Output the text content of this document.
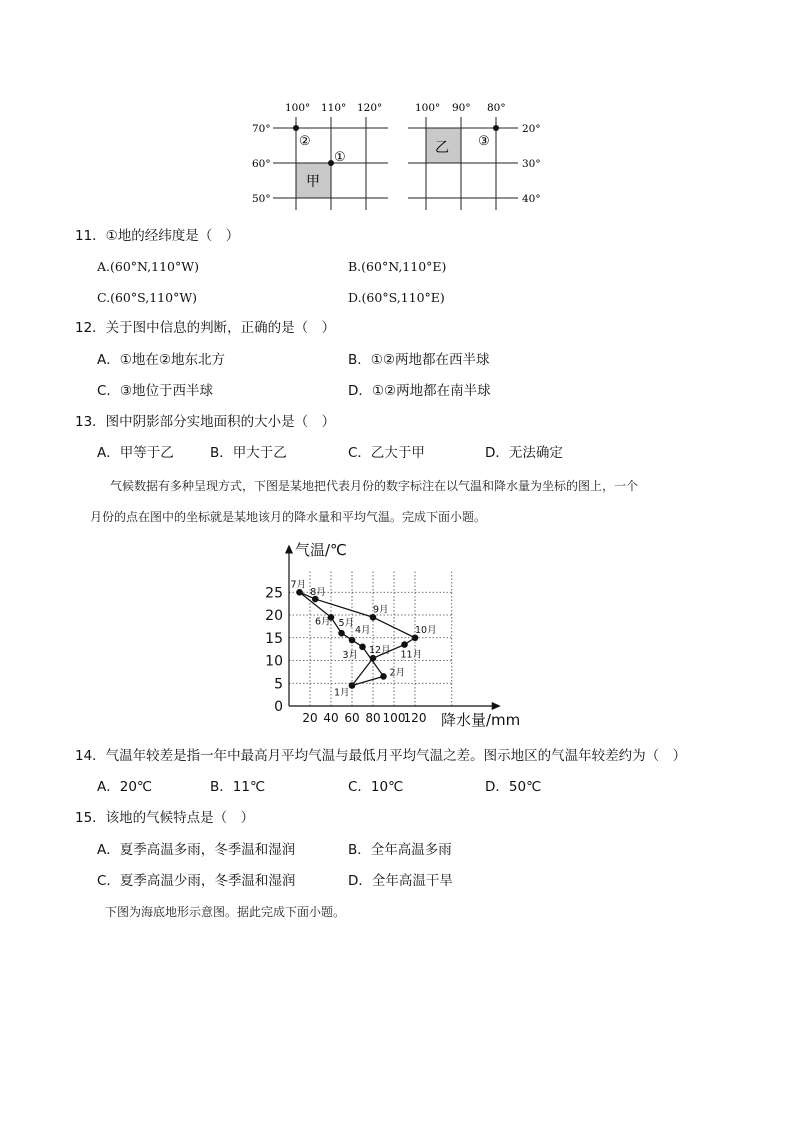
100° 110° 120°
70°
60°
50°
②
①
甲
100° 90° 80°
20°
30°
40°
③
乙
11．①地的经纬度是（　）
A.(60°N,110°W)	B.(60°N,110°E)
C.(60°S,110°W)	D.(60°S,110°E)
12．关于图中信息的判断，正确的是（　）
A．①地在②地东北方	B．①②两地都在西半球
C．③地位于西半球	D．①②两地都在南半球
13．图中阴影部分实地面积的大小是（　）
A．甲等于乙	B．甲大于乙	C．乙大于甲	D．无法确定
气候数据有多种呈现方式，下图是某地把代表月份的数字标注在以气温和降水量为坐标的图上，一个
月份的点在图中的坐标就是某地该月的降水量和平均气温。完成下面小题。
0
5
10
15
20
25
20 40 60 80 100
120
1月
2月
3月
4月
5月
6月
7月
8月
9月
10月
11月
12月
气温/℃
降水量/mm
14．气温年较差是指一年中最高月平均气温与最低月平均气温之差。图示地区的气温年较差约为（　）
A．20℃	B．11℃	C．10℃	D．50℃
15．该地的气候特点是（　）
A．夏季高温多雨，冬季温和湿润	B．全年高温多雨
C．夏季高温少雨，冬季温和湿润	D．全年高温干旱
下图为海底地形示意图。据此完成下面小题。
